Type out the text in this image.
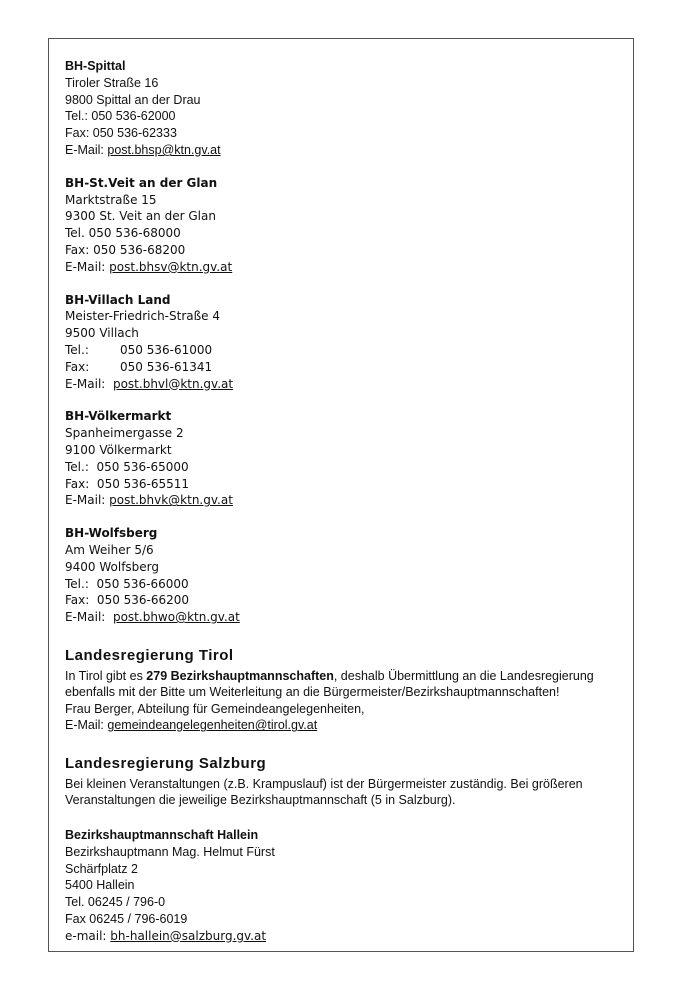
BH-Spittal
Tiroler Straße 16
9800 Spittal an der Drau
Tel.: 050 536-62000
Fax: 050 536-62333
E-Mail: post.bhsp@ktn.gv.at
BH-St.Veit an der Glan
Marktstraße 15
9300 St. Veit an der Glan
Tel. 050 536-68000
Fax: 050 536-68200
E-Mail: post.bhsv@ktn.gv.at
BH-Villach Land
Meister-Friedrich-Straße 4
9500 Villach
Tel.:	050 536-61000
Fax:	050 536-61341
E-Mail:  post.bhvl@ktn.gv.at
BH-Völkermarkt
Spanheimergasse 2
9100 Völkermarkt
Tel.:  050 536-65000
Fax:  050 536-65511
E-Mail: post.bhvk@ktn.gv.at
BH-Wolfsberg
Am Weiher 5/6
9400 Wolfsberg
Tel.:  050 536-66000
Fax:  050 536-66200
E-Mail:  post.bhwo@ktn.gv.at
Landesregierung Tirol
In Tirol gibt es 279 Bezirkshauptmannschaften, deshalb Übermittlung an die Landesregierung
ebenfalls mit der Bitte um Weiterleitung an die Bürgermeister/Bezirkshauptmannschaften!
Frau Berger, Abteilung für Gemeindeangelegenheiten,
E-Mail: gemeindeangelegenheiten@tirol.gv.at
Landesregierung Salzburg
Bei kleinen Veranstaltungen (z.B. Krampuslauf) ist der Bürgermeister zuständig. Bei größeren
Veranstaltungen die jeweilige Bezirkshauptmannschaft (5 in Salzburg).
Bezirkshauptmannschaft Hallein
Bezirkshauptmann Mag. Helmut Fürst
Schärfplatz 2
5400 Hallein
Tel. 06245 / 796-0
Fax 06245 / 796-6019
e-mail: bh-hallein@salzburg.gv.at
